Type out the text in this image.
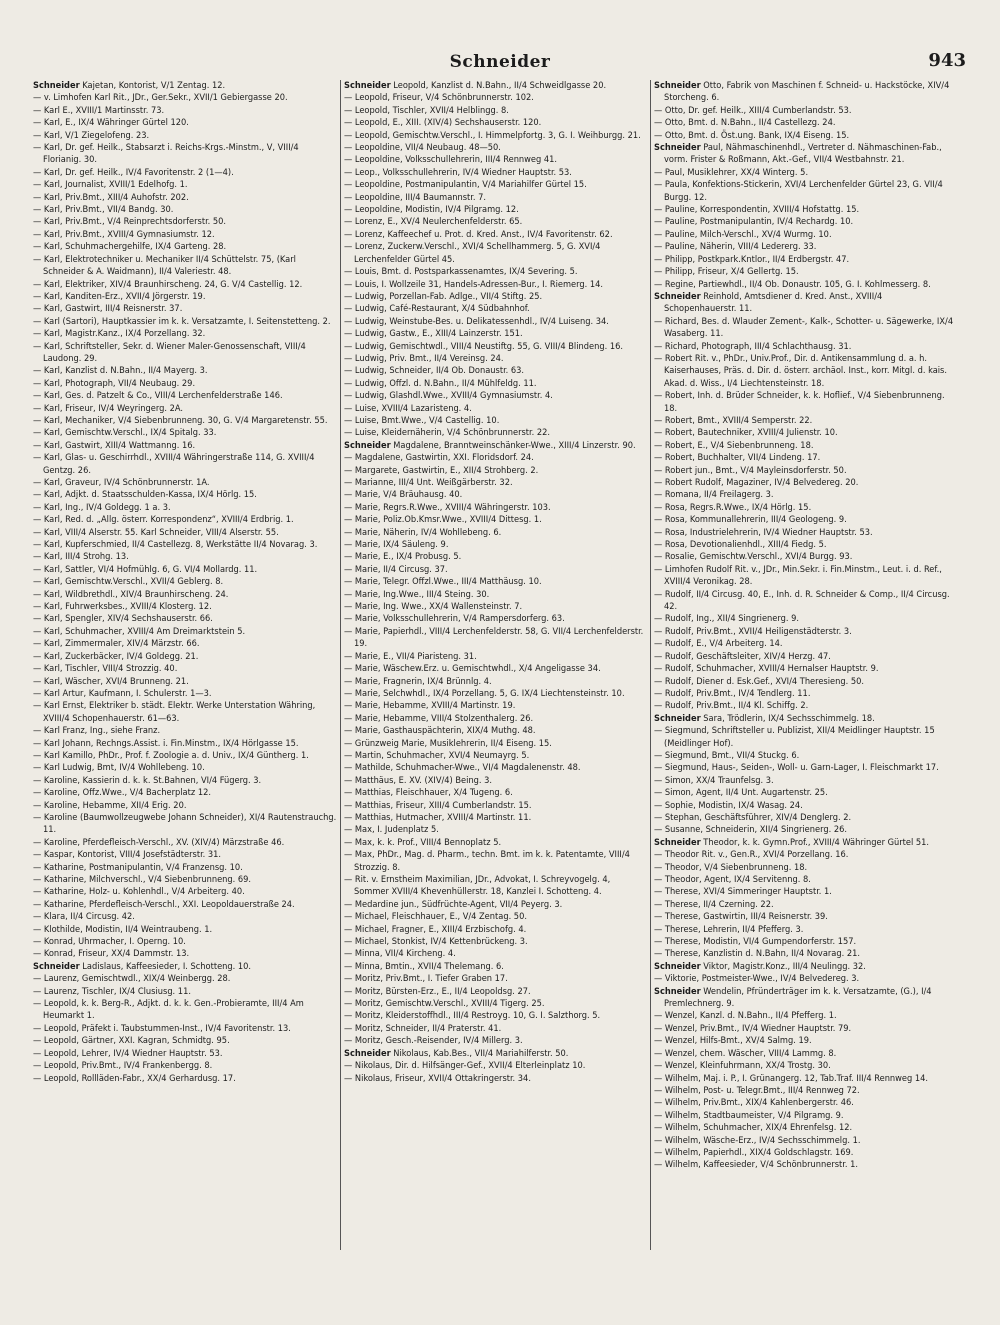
Schneider	943

Schneider Kajetan, Kontorist, V/1 Zentag. 12.

— v. Limhofen Karl Rit., JDr., Ger.Sekr., XVII/1 Gebiergasse 20.

— Karl E., XVIII/1 Martinsstr. 73.

— Karl, E., IX/4 Währinger Gürtel 120.

— Karl, V/1 Ziegelofeng. 23.

— Karl, Dr. gef. Heilk., Stabsarzt i. Reichs-Krgs.-Minstm., V, VIII/4 Florianig. 30.

— Karl, Dr. gef. Heilk., IV/4 Favoritenstr. 2 (1—4).

— Karl, Journalist, XVIII/1 Edelhofg. 1.

— Karl, Priv.Bmt., XIII/4 Auhofstr. 202.

— Karl, Priv.Bmt., VII/4 Bandg. 30.

— Karl, Priv.Bmt., V/4 Reinprechtsdorferstr. 50.

— Karl, Priv.Bmt., XVIII/4 Gymnasiumstr. 12.

— Karl, Schuhmachergehilfe, IX/4 Garteng. 28.

— Karl, Elektrotechniker u. Mechaniker II/4 Schüttelstr. 75, (Karl Schneider & A. Waidmann), II/4 Valeriestr. 48.

— Karl, Elektriker, XIV/4 Braunhirscheng. 24, G. V/4 Castellig. 12.

— Karl, Kanditen-Erz., XVII/4 Jörgerstr. 19.

— Karl, Gastwirt, III/4 Reisnerstr. 37.

— Karl (Sartori), Hauptkassier im k. k. Versatzamte, I. Seitenstetteng. 2.

— Karl, Magistr.Kanz., IX/4 Porzellang. 32.

— Karl, Schriftsteller, Sekr. d. Wiener Maler-Genossenschaft, VIII/4 Laudong. 29.

— Karl, Kanzlist d. N.Bahn., II/4 Mayerg. 3.

— Karl, Photograph, VII/4 Neubaug. 29.

— Karl, Ges. d. Patzelt & Co., VIII/4 Lerchenfelderstraße 146.

— Karl, Friseur, IV/4 Weyringerg. 2A.

— Karl, Mechaniker, V/4 Siebenbrunneng. 30, G. V/4 Margaretenstr. 55.

— Karl, Gemischtw.Verschl., IX/4 Spitalg. 33.

— Karl, Gastwirt, XIII/4 Wattmanng. 16.

— Karl, Glas- u. Geschirrhdl., XVIII/4 Währingerstraße 114, G. XVIII/4 Gentzg. 26.

— Karl, Graveur, IV/4 Schönbrunnerstr. 1A.

— Karl, Adjkt. d. Staatsschulden-Kassa, IX/4 Hörlg. 15.

— Karl, Ing., IV/4 Goldegg. 1 a. 3.

— Karl, Red. d. „Allg. österr. Korrespondenz“, XVIII/4 Erdbrig. 1.

— Karl, VIII/4 Alserstr. 55. Karl Schneider, VIII/4 Alserstr. 55.

— Karl, Kupferschmied, II/4 Castellezg. 8, Werkstätte II/4 Novarag. 3.

— Karl, III/4 Strohg. 13.

— Karl, Sattler, VI/4 Hofmühlg. 6, G. VI/4 Mollardg. 11.

— Karl, Gemischtw.Verschl., XVII/4 Geblerg. 8.

— Karl, Wildbrethdl., XIV/4 Braunhirscheng. 24.

— Karl, Fuhrwerksbes., XVIII/4 Klosterg. 12.

— Karl, Spengler, XIV/4 Sechshauserstr. 66.

— Karl, Schuhmacher, XVIII/4 Am Dreimarktstein 5.

— Karl, Zimmermaler, XIV/4 Märzstr. 66.

— Karl, Zuckerbäcker, IV/4 Goldegg. 21.

— Karl, Tischler, VIII/4 Strozzig. 40.

— Karl, Wäscher, XVI/4 Brunneng. 21.

— Karl Artur, Kaufmann, I. Schulerstr. 1—3.

— Karl Ernst, Elektriker b. städt. Elektr. Werke Unterstation Währing, XVIII/4 Schopenhauerstr. 61—63.

— Karl Franz, Ing., siehe Franz.

— Karl Johann, Rechngs.Assist. i. Fin.Minstm., IX/4 Hörlgasse 15.

— Karl Kamillo, PhDr., Prof. f. Zoologie a. d. Univ., IX/4 Güntherg. 1.

— Karl Ludwig, Bmt, IV/4 Wohllebeng. 10.

— Karoline, Kassierin d. k. k. St.Bahnen, VI/4 Fügerg. 3.

— Karoline, Offz.Wwe., V/4 Bacherplatz 12.

— Karoline, Hebamme, XII/4 Erig. 20.

— Karoline (Baumwollzeugwebe Johann Schneider), XI/4 Rautenstrauchg. 11.

— Karoline, Pferdefleisch-Verschl., XV. (XIV/4) Märzstraße 46.

— Kaspar, Kontorist, VIII/4 Josefstädterstr. 31.

— Katharine, Postmanipulantin, V/4 Franzensg. 10.

— Katharine, Milchverschl., V/4 Siebenbrunneng. 69.

— Katharine, Holz- u. Kohlenhdl., V/4 Arbeiterg. 40.

— Katharine, Pferdefleisch-Verschl., XXI. Leopoldauerstraße 24.

— Klara, II/4 Circusg. 42.

— Klothilde, Modistin, II/4 Weintraubeng. 1.

— Konrad, Uhrmacher, I. Operng. 10.

— Konrad, Friseur, XX/4 Dammstr. 13.

Schneider Ladislaus, Kaffeesieder, I. Schotteng. 10.

— Laurenz, Gemischtwdl., XIX/4 Weinbergg. 28.

— Laurenz, Tischler, IX/4 Clusiusg. 11.

— Leopold, k. k. Berg-R., Adjkt. d. k. k. Gen.-Probieramte, III/4 Am Heumarkt 1.

— Leopold, Präfekt i. Taubstummen-Inst., IV/4 Favoritenstr. 13.

— Leopold, Gärtner, XXI. Kagran, Schmidtg. 95.

— Leopold, Lehrer, IV/4 Wiedner Hauptstr. 53.

— Leopold, Priv.Bmt., IV/4 Frankenbergg. 8.

— Leopold, Rollläden-Fabr., XX/4 Gerhardusg. 17.

Schneider Leopold, Kanzlist d. N.Bahn., II/4 Schweidlgasse 20.

— Leopold, Friseur, V/4 Schönbrunnerstr. 102.

— Leopold, Tischler, XVII/4 Helblingg. 8.

— Leopold, E., XIII. (XIV/4) Sechshauserstr. 120.

— Leopold, Gemischtw.Verschl., I. Himmelpfortg. 3, G. I. Weihburgg. 21.

— Leopoldine, VII/4 Neubaug. 48—50.

— Leopoldine, Volksschullehrerin, III/4 Rennweg 41.

— Leop., Volksschullehrerin, IV/4 Wiedner Hauptstr. 53.

— Leopoldine, Postmanipulantin, V/4 Mariahilfer Gürtel 15.

— Leopoldine, III/4 Baumannstr. 7.

— Leopoldine, Modistin, IV/4 Pilgramg. 12.

— Lorenz, E., XV/4 Neulerchenfelderstr. 65.

— Lorenz, Kaffeechef u. Prot. d. Kred. Anst., IV/4 Favoritenstr. 62.

— Lorenz, Zuckerw.Verschl., XVI/4 Schellhammerg. 5, G. XVI/4 Lerchenfelder Gürtel 45.

— Louis, Bmt. d. Postsparkassenamtes, IX/4 Severing. 5.

— Louis, I. Wollzeile 31, Handels-Adressen-Bur., I. Riemerg. 14.

— Ludwig, Porzellan-Fab. Adlge., VII/4 Stiftg. 25.

— Ludwig, Café-Restaurant, X/4 Südbahnhof.

— Ludwig, Weinstube-Bes. u. Delikatessenhdl., IV/4 Luiseng. 34.

— Ludwig, Gastw., E., XIII/4 Lainzerstr. 151.

— Ludwig, Gemischtwdl., VIII/4 Neustiftg. 55, G. VIII/4 Blindeng. 16.

— Ludwig, Priv. Bmt., II/4 Vereinsg. 24.

— Ludwig, Schneider, II/4 Ob. Donaustr. 63.

— Ludwig, Offzl. d. N.Bahn., II/4 Mühlfeldg. 11.

— Ludwig, Glashdl.Wwe., XVIII/4 Gymnasiumstr. 4.

— Luise, XVIII/4 Lazaristeng. 4.

— Luise, Bmt.Wwe., V/4 Castellig. 10.

— Luise, Kleidernäherin, V/4 Schönbrunnerstr. 22.

Schneider Magdalene, Branntweinschänker-Wwe., XIII/4 Linzerstr. 90.

— Magdalene, Gastwirtin, XXI. Floridsdorf. 24.

— Margarete, Gastwirtin, E., XII/4 Strohberg. 2.

— Marianne, III/4 Unt. Weißgärberstr. 32.

— Marie, V/4 Bräuhausg. 40.

— Marie, Regrs.R.Wwe., XVIII/4 Währingerstr. 103.

— Marie, Poliz.Ob.Kmsr.Wwe., XVIII/4 Dittesg. 1.

— Marie, Näherin, IV/4 Wohllebeng. 6.

— Marie, IX/4 Säuleng. 9.

— Marie, E., IX/4 Probusg. 5.

— Marie, II/4 Circusg. 37.

— Marie, Telegr. Offzl.Wwe., III/4 Matthäusg. 10.

— Marie, Ing.Wwe., III/4 Steing. 30.

— Marie, Ing. Wwe., XX/4 Wallensteinstr. 7.

— Marie, Volksschullehrerin, V/4 Rampersdorferg. 63.

— Marie, Papierhdl., VIII/4 Lerchenfelderstr. 58, G. VII/4 Lerchenfelderstr. 19.

— Marie, E., VII/4 Piaristeng. 31.

— Marie, Wäschew.Erz. u. Gemischtwhdl., X/4 Angeligasse 34.

— Marie, Fragnerin, IX/4 Brünnlg. 4.

— Marie, Selchwhdl., IX/4 Porzellang. 5, G. IX/4 Liechtensteinstr. 10.

— Marie, Hebamme, XVIII/4 Martinstr. 19.

— Marie, Hebamme, VIII/4 Stolzenthalerg. 26.

— Marie, Gasthauspächterin, XIX/4 Muthg. 48.

— Grünzweig Marie, Musiklehrerin, II/4 Eiseng. 15.

— Martin, Schuhmacher, XVI/4 Neumayrg. 5.

— Mathilde, Schuhmacher-Wwe., VI/4 Magdalenenstr. 48.

— Matthäus, E. XV. (XIV/4) Being. 3.

— Matthias, Fleischhauer, X/4 Tugeng. 6.

— Matthias, Friseur, XIII/4 Cumberlandstr. 15.

— Matthias, Hutmacher, XVIII/4 Martinstr. 11.

— Max, I. Judenplatz 5.

— Max, k. k. Prof., VIII/4 Bennoplatz 5.

— Max, PhDr., Mag. d. Pharm., techn. Bmt. im k. k. Patentamte, VIII/4 Strozzig. 8.

— Rit. v. Ernstheim Maximilian, JDr., Advokat, I. Schreyvogelg. 4, Sommer XVIII/4 Khevenhüllerstr. 18, Kanzlei I. Schotteng. 4.

— Medardine jun., Südfrüchte-Agent, VII/4 Peyerg. 3.

— Michael, Fleischhauer, E., V/4 Zentag. 50.

— Michael, Fragner, E., XIII/4 Erzbischofg. 4.

— Michael, Stonkist, IV/4 Kettenbrückeng. 3.

— Minna, VII/4 Kircheng. 4.

— Minna, Bmtin., XVII/4 Thelemang. 6.

— Moritz, Priv.Bmt., I. Tiefer Graben 17.

— Moritz, Bürsten-Erz., E., II/4 Leopoldsg. 27.

— Moritz, Gemischtw.Verschl., XVIII/4 Tigerg. 25.

— Moritz, Kleiderstoffhdl., III/4 Restroyg. 10, G. I. Salzthorg. 5.

— Moritz, Schneider, II/4 Praterstr. 41.

— Moritz, Gesch.-Reisender, IV/4 Millerg. 3.

Schneider Nikolaus, Kab.Bes., VII/4 Mariahilferstr. 50.

— Nikolaus, Dir. d. Hilfsänger-Gef., XVII/4 Elterleinplatz 10.

— Nikolaus, Friseur, XVII/4 Ottakringerstr. 34.

Schneider Otto, Fabrik von Maschinen f. Schneid- u. Hackstöcke, XIV/4 Storcheng. 6.

— Otto, Dr. gef. Heilk., XIII/4 Cumberlandstr. 53.

— Otto, Bmt. d. N.Bahn., II/4 Castellezg. 24.

— Otto, Bmt. d. Öst.ung. Bank, IX/4 Eiseng. 15.

Schneider Paul, Nähmaschinenhdl., Vertreter d. Nähmaschinen-Fab., vorm. Frister & Roßmann, Akt.-Gef., VII/4 Westbahnstr. 21.

— Paul, Musiklehrer, XX/4 Winterg. 5.

— Paula, Konfektions-Stickerin, XVI/4 Lerchenfelder Gürtel 23, G. VII/4 Burgg. 12.

— Pauline, Korrespondentin, XVIII/4 Hofstattg. 15.

— Pauline, Postmanipulantin, IV/4 Rechardg. 10.

— Pauline, Milch-Verschl., XV/4 Wurmg. 10.

— Pauline, Näherin, VIII/4 Ledererg. 33.

— Philipp, Postkpark.Kntlor., II/4 Erdbergstr. 47.

— Philipp, Friseur, X/4 Gellertg. 15.

— Regine, Partiewhdl., II/4 Ob. Donaustr. 105, G. I. Kohlmesserg. 8.

Schneider Reinhold, Amtsdiener d. Kred. Anst., XVIII/4 Schopenhauerstr. 11.

— Richard, Bes. d. Wlauder Zement-, Kalk-, Schotter- u. Sägewerke, IX/4 Wasaberg. 11.

— Richard, Photograph, III/4 Schlachthausg. 31.

— Robert Rit. v., PhDr., Univ.Prof., Dir. d. Antikensammlung d. a. h. Kaiserhauses, Präs. d. Dir. d. österr. archäol. Inst., korr. Mitgl. d. kais. Akad. d. Wiss., I/4 Liechtensteinstr. 18.

— Robert, Inh. d. Brüder Schneider, k. k. Hoflief., V/4 Siebenbrunneng. 18.

— Robert, Bmt., XVIII/4 Semperstr. 22.

— Robert, Bautechniker, XVIII/4 Julienstr. 10.

— Robert, E., V/4 Siebenbrunneng. 18.

— Robert, Buchhalter, VII/4 Lindeng. 17.

— Robert jun., Bmt., V/4 Mayleinsdorferstr. 50.

— Robert Rudolf, Magaziner, IV/4 Belvedereg. 20.

— Romana, II/4 Freilagerg. 3.

— Rosa, Regrs.R.Wwe., IX/4 Hörlg. 15.

— Rosa, Kommunallehrerin, III/4 Geologeng. 9.

— Rosa, Industrielehrerin, IV/4 Wiedner Hauptstr. 53.

— Rosa, Devotionalienhdl., XIII/4 Fiedg. 5.

— Rosalie, Gemischtw.Verschl., XVI/4 Burgg. 93.

— Limhofen Rudolf Rit. v., JDr., Min.Sekr. i. Fin.Minstm., Leut. i. d. Ref., XVIII/4 Veronikag. 28.

— Rudolf, II/4 Circusg. 40, E., Inh. d. R. Schneider & Comp., II/4 Circusg. 42.

— Rudolf, Ing., XII/4 Singrienerg. 9.

— Rudolf, Priv.Bmt., XVII/4 Heiligenstädterstr. 3.

— Rudolf, E., V/4 Arbeiterg. 14.

— Rudolf, Geschäftsleiter, XIV/4 Herzg. 47.

— Rudolf, Schuhmacher, XVIII/4 Hernalser Hauptstr. 9.

— Rudolf, Diener d. Esk.Gef., XVI/4 Theresieng. 50.

— Rudolf, Priv.Bmt., IV/4 Tendlerg. 11.

— Rudolf, Priv.Bmt., II/4 Kl. Schiffg. 2.

Schneider Sara, Trödlerin, IX/4 Sechsschimmelg. 18.

— Siegmund, Schriftsteller u. Publizist, XII/4 Meidlinger Hauptstr. 15 (Meidlinger Hof).

— Siegmund, Bmt., VII/4 Stuckg. 6.

— Siegmund, Haus-, Seiden-, Woll- u. Garn-Lager, I. Fleischmarkt 17.

— Simon, XX/4 Traunfelsg. 3.

— Simon, Agent, II/4 Unt. Augartenstr. 25.

— Sophie, Modistin, IX/4 Wasag. 24.

— Stephan, Geschäftsführer, XIV/4 Denglerg. 2.

— Susanne, Schneiderin, XII/4 Singrienerg. 26.

Schneider Theodor, k. k. Gymn.Prof., XVIII/4 Währinger Gürtel 51.

— Theodor Rit. v., Gen.R., XVI/4 Porzellang. 16.

— Theodor, V/4 Siebenbrunneng. 18.

— Theodor, Agent, IX/4 Servitenng. 8.

— Therese, XVI/4 Simmeringer Hauptstr. 1.

— Therese, II/4 Czerning. 22.

— Therese, Gastwirtin, III/4 Reisnerstr. 39.

— Therese, Lehrerin, II/4 Pfefferg. 3.

— Therese, Modistin, VI/4 Gumpendorferstr. 157.

— Therese, Kanzlistin d. N.Bahn, II/4 Novarag. 21.

Schneider Viktor, Magistr.Konz., III/4 Neulingg. 32.

— Viktorie, Postmeister-Wwe., IV/4 Belvedereg. 3.

Schneider Wendelin, Pfründerträger im k. k. Versatzamte, (G.), I/4 Premlechnerg. 9.

— Wenzel, Kanzl. d. N.Bahn., II/4 Pfefferg. 1.

— Wenzel, Priv.Bmt., IV/4 Wiedner Hauptstr. 79.

— Wenzel, Hilfs-Bmt., XV/4 Salmg. 19.

— Wenzel, chem. Wäscher, VIII/4 Lammg. 8.

— Wenzel, Kleinfuhrmann, XX/4 Trostg. 30.

— Wilhelm, Maj. i. P., I. Grünangerg. 12, Tab.Traf. III/4 Rennweg 14.

— Wilhelm, Post- u. Telegr.Bmt., III/4 Rennweg 72.

— Wilhelm, Priv.Bmt., XIX/4 Kahlenbergerstr. 46.

— Wilhelm, Stadtbaumeister, V/4 Pilgramg. 9.

— Wilhelm, Schuhmacher, XIX/4 Ehrenfelsg. 12.

— Wilhelm, Wäsche-Erz., IV/4 Sechsschimmelg. 1.

— Wilhelm, Papierhdl., XIX/4 Goldschlagstr. 169.

— Wilhelm, Kaffeesieder, V/4 Schönbrunnerstr. 1.
